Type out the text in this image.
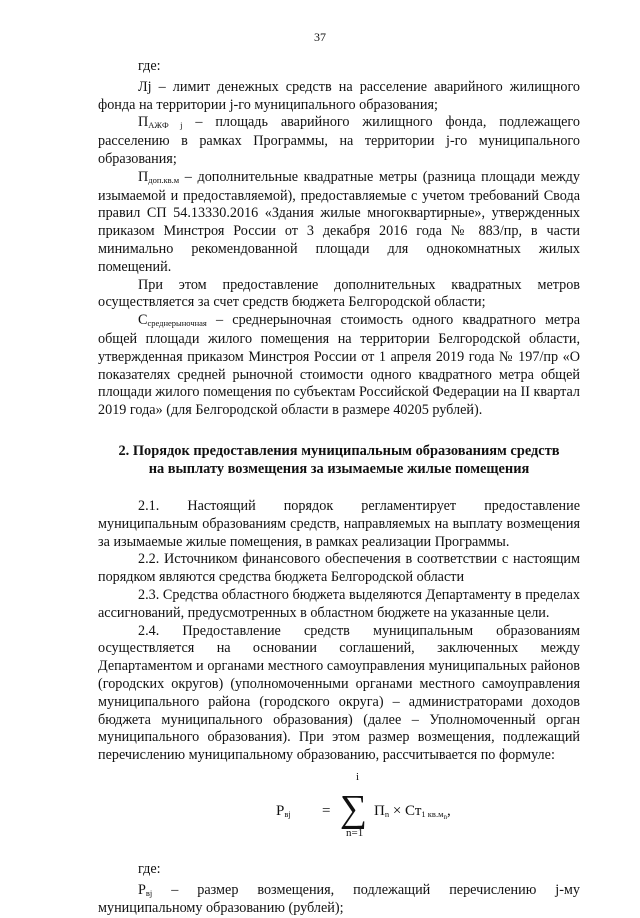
37

где:

Лj – лимит денежных средств на расселение аварийного жилищного фонда на территории j-го муниципального образования;

ПАЖФ j – площадь аварийного жилищного фонда, подлежащего расселению в рамках Программы, на территории j-го муниципального образования;

Пдоп.кв.м – дополнительные квадратные метры (разница площади между изымаемой и предоставляемой), предоставляемые с учетом требований Свода правил СП 54.13330.2016 «Здания жилые многоквартирные», утвержденных приказом Минстроя России от 3 декабря 2016 года № 883/пр, в части минимально рекомендованной площади для однокомнатных жилых помещений.

При этом предоставление дополнительных квадратных метров осуществляется за счет средств бюджета Белгородской области;

Ссреднерыночная – среднерыночная стоимость одного квадратного метра общей площади жилого помещения на территории Белгородской области, утвержденная приказом Минстроя России от 1 апреля 2019 года № 197/пр «О показателях средней рыночной стоимости одного квадратного метра общей площади жилого помещения по субъектам Российской Федерации на II квартал 2019 года» (для Белгородской области в размере 40205 рублей).

2. Порядок предоставления муниципальным образованиям средств
на выплату возмещения за изымаемые жилые помещения

2.1. Настоящий порядок регламентирует предоставление муниципальным образованиям средств, направляемых на выплату возмещения за изымаемые жилые помещения, в рамках реализации Программы.

2.2. Источником финансового обеспечения в соответствии с настоящим порядком являются средства бюджета Белгородской области

2.3. Средства областного бюджета выделяются Департаменту в пределах ассигнований, предусмотренных в областном бюджете на указанные цели.

2.4. Предоставление средств муниципальным образованиям осуществляется на основании соглашений, заключенных между Департаментом и органами местного самоуправления муниципальных районов (городских округов) (уполномоченными органами местного самоуправления муниципального района (городского округа) – администраторами доходов бюджета муниципального образования) (далее – Уполномоченный орган муниципального образования). При этом размер возмещения, подлежащий перечислению муниципальному образованию, рассчитывается по формуле:

Pвj =
i
∑
n=1
Пn × Ст1 $кв.м_n$,

где:

Рвj – размер возмещения, подлежащий перечислению j-му муниципальному образованию (рублей);
